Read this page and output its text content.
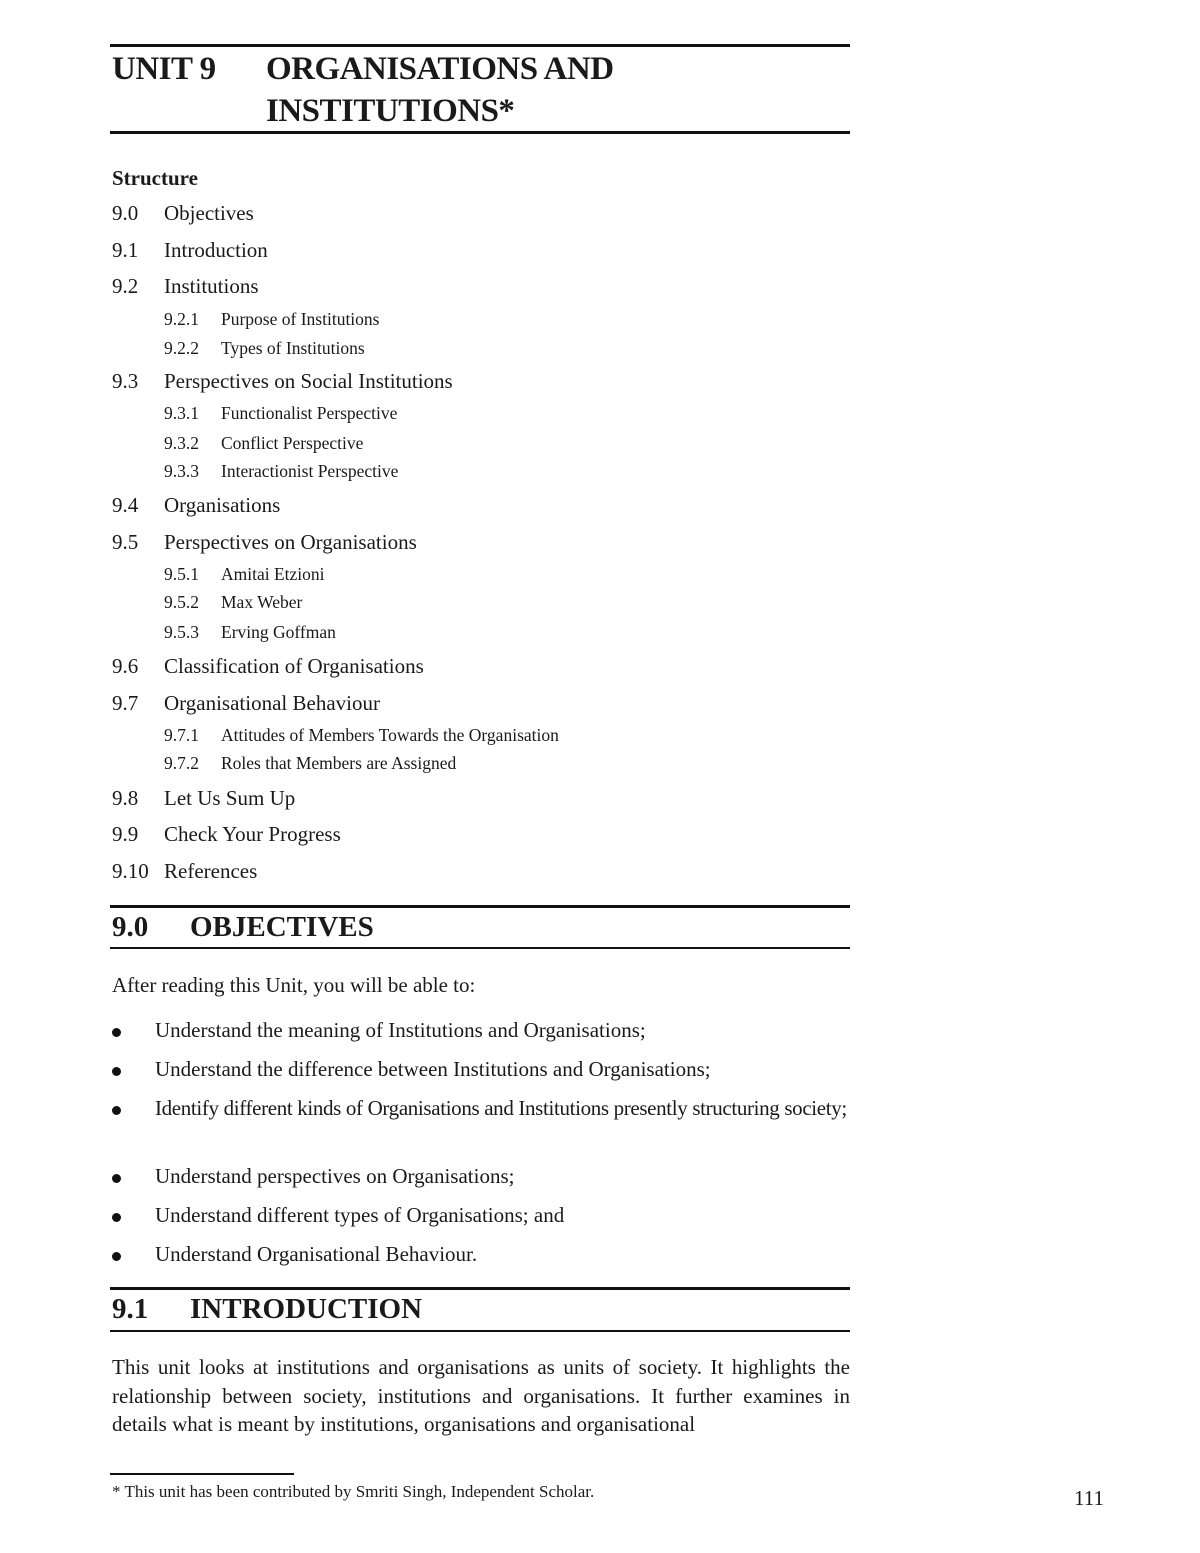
UNIT 9 ORGANISATIONS AND
INSTITUTIONS*
Structure
9.0 Objectives
9.1 Introduction
9.2 Institutions
9.2.1 Purpose of Institutions
9.2.2 Types of Institutions
9.3 Perspectives on Social Institutions
9.3.1 Functionalist Perspective
9.3.2 Conflict Perspective
9.3.3 Interactionist Perspective
9.4 Organisations
9.5 Perspectives on Organisations
9.5.1 Amitai Etzioni
9.5.2 Max Weber
9.5.3 Erving Goffman
9.6 Classification of Organisations
9.7 Organisational Behaviour
9.7.1 Attitudes of Members Towards the Organisation
9.7.2 Roles that Members are Assigned
9.8 Let Us Sum Up
9.9 Check Your Progress
9.10 References
9.0 OBJECTIVES
After reading this Unit, you will be able to:
Understand the meaning of Institutions and Organisations;
Understand the difference between Institutions and Organisations;
Identify different kinds of Organisations and Institutions presently structuring society;
Understand perspectives on Organisations;
Understand different types of Organisations; and
Understand Organisational Behaviour.
9.1 INTRODUCTION
This unit looks at institutions and organisations as units of society. It highlights the relationship between society, institutions and organisations. It further examines in details what is meant by institutions, organisations and organisational
* This unit has been contributed by Smriti Singh, Independent Scholar.	111
